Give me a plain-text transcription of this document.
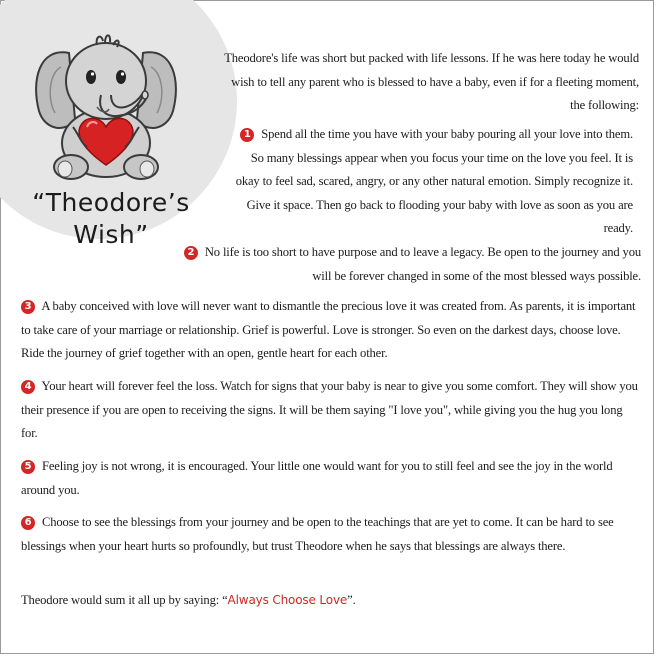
“Theodore’s
Wish”
Theodore's life was short but packed with life lessons. If he was here today he would wish to tell any parent who is blessed to have a baby, even if for a fleeting moment, the following:
1 Spend all the time you have with your baby pouring all your love into them. So many blessings appear when you focus your time on the love you feel. It is okay to feel sad, scared, angry, or any other natural emotion. Simply recognize it. Give it space. Then go back to flooding your baby with love as soon as you are ready.
2 No life is too short to have purpose and to leave a legacy. Be open to the journey and you will be forever changed in some of the most blessed ways possible.
3 A baby conceived with love will never want to dismantle the precious love it was created from. As parents, it is important to take care of your marriage or relationship. Grief is powerful. Love is stronger. So even on the darkest days, choose love. Ride the journey of grief together with an open, gentle heart for each other.
4 Your heart will forever feel the loss. Watch for signs that your baby is near to give you some comfort. They will show you their presence if you are open to receiving the signs. It will be them saying "I love you", while giving you the hug you long for.
5 Feeling joy is not wrong, it is encouraged. Your little one would want for you to still feel and see the joy in the world around you.
6 Choose to see the blessings from your journey and be open to the teachings that are yet to come. It can be hard to see blessings when your heart hurts so profoundly, but trust Theodore when he says that blessings are always there.
Theodore would sum it all up by saying: “Always Choose Love”.
